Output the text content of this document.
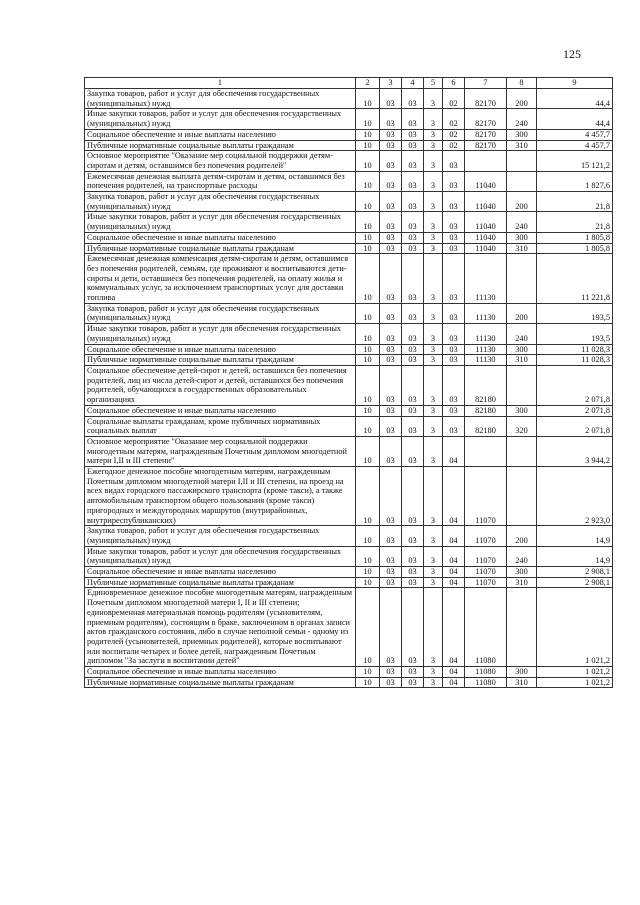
125
1	2	3	4	5	6	7	8	9
Закупка товаров, работ и услуг для обеспечения государственных (муниципальных) нужд	10	03	03	3	02	82170	200	44,4
Иные закупки товаров, работ и услуг для обеспечения государственных (муниципальных) нужд	10	03	03	3	02	82170	240	44,4
Социальное обеспечение и иные выплаты населению	10	03	03	3	02	82170	300	4 457,7
Публичные нормативные социальные выплаты гражданам	10	03	03	3	02	82170	310	4 457,7
Основное мероприятие "Оказание мер социальной поддержки детям-сиротам и детям, оставшимся без попечения родителей"	10	03	03	3	03			15 121,2
Ежемесячная денежная выплата детям-сиротам и детям, оставшимся без попечения родителей, на транспортные расходы	10	03	03	3	03	11040		1 827,6
Закупка товаров, работ и услуг для обеспечения государственных (муниципальных) нужд	10	03	03	3	03	11040	200	21,8
Иные закупки товаров, работ и услуг для обеспечения государственных (муниципальных) нужд	10	03	03	3	03	11040	240	21,8
Социальное обеспечение и иные выплаты населению	10	03	03	3	03	11040	300	1 805,8
Публичные нормативные социальные выплаты гражданам	10	03	03	3	03	11040	310	1 805,8
Ежемесячная денежная компенсация детям-сиротам и детям, оставшимся без попечения родителей, семьям, где проживают и воспитываются дети-сироты и дети, оставшиеся без попечения родителей, на оплату жилья и коммунальных услуг, за исключением транспортных услуг для доставки топлива	10	03	03	3	03	11130		11 221,8
Закупка товаров, работ и услуг для обеспечения государственных (муниципальных) нужд	10	03	03	3	03	11130	200	193,5
Иные закупки товаров, работ и услуг для обеспечения государственных (муниципальных) нужд	10	03	03	3	03	11130	240	193,5
Социальное обеспечение и иные выплаты населению	10	03	03	3	03	11130	300	11 028,3
Публичные нормативные социальные выплаты гражданам	10	03	03	3	03	11130	310	11 028,3
Социальное обеспечение детей-сирот и детей, оставшихся без попечения родителей, лиц из числа детей-сирот и детей, оставшихся без попечения родителей, обучающихся в государственных образовательных организациях	10	03	03	3	03	82180		2 071,8
Социальное обеспечение и иные выплаты населению	10	03	03	3	03	82180	300	2 071,8
Социальные выплаты гражданам, кроме публичных нормативных социальных выплат	10	03	03	3	03	82180	320	2 071,8
Основное мероприятие "Оказание мер социальной поддержки многодетным матерям, награжденным Почетным дипломом многодетной матери I,II и III степени"	10	03	03	3	04			3 944,2
Ежегодное денежное пособие многодетным матерям, награжденным Почетным дипломом многодетной матери I,II и III степени, на проезд на всех видах городского пассажирского транспорта (кроме такси), а также автомобильным транспортом общего пользования (кроме такси) пригородных и междугородных маршрутов (внутрирайонных, внутриреспубликанских)	10	03	03	3	04	11070		2 923,0
Закупка товаров, работ и услуг для обеспечения государственных (муниципальных) нужд	10	03	03	3	04	11070	200	14,9
Иные закупки товаров, работ и услуг для обеспечения государственных (муниципальных) нужд	10	03	03	3	04	11070	240	14,9
Социальное обеспечение и иные выплаты населению	10	03	03	3	04	11070	300	2 908,1
Публичные нормативные социальные выплаты гражданам	10	03	03	3	04	11070	310	2 908,1
Единовременное денежное пособие многодетным матерям, награжденным Почетным дипломом многодетной матери I, II и III степени; единовременная материальная помощь родителям (усыновителям, приемным родителям), состоящим в браке, заключенном в органах записи актов гражданского состояния, либо в случае неполной семьи - одному из родителей (усыновителей, приемных родителей), которые воспитывают или воспитали четырех и более детей, награжденным Почетным дипломом "За заслуги в воспитании детей"	10	03	03	3	04	11080		1 021,2
Социальное обеспечение и иные выплаты населению	10	03	03	3	04	11080	300	1 021,2
Публичные нормативные социальные выплаты гражданам	10	03	03	3	04	11080	310	1 021,2
